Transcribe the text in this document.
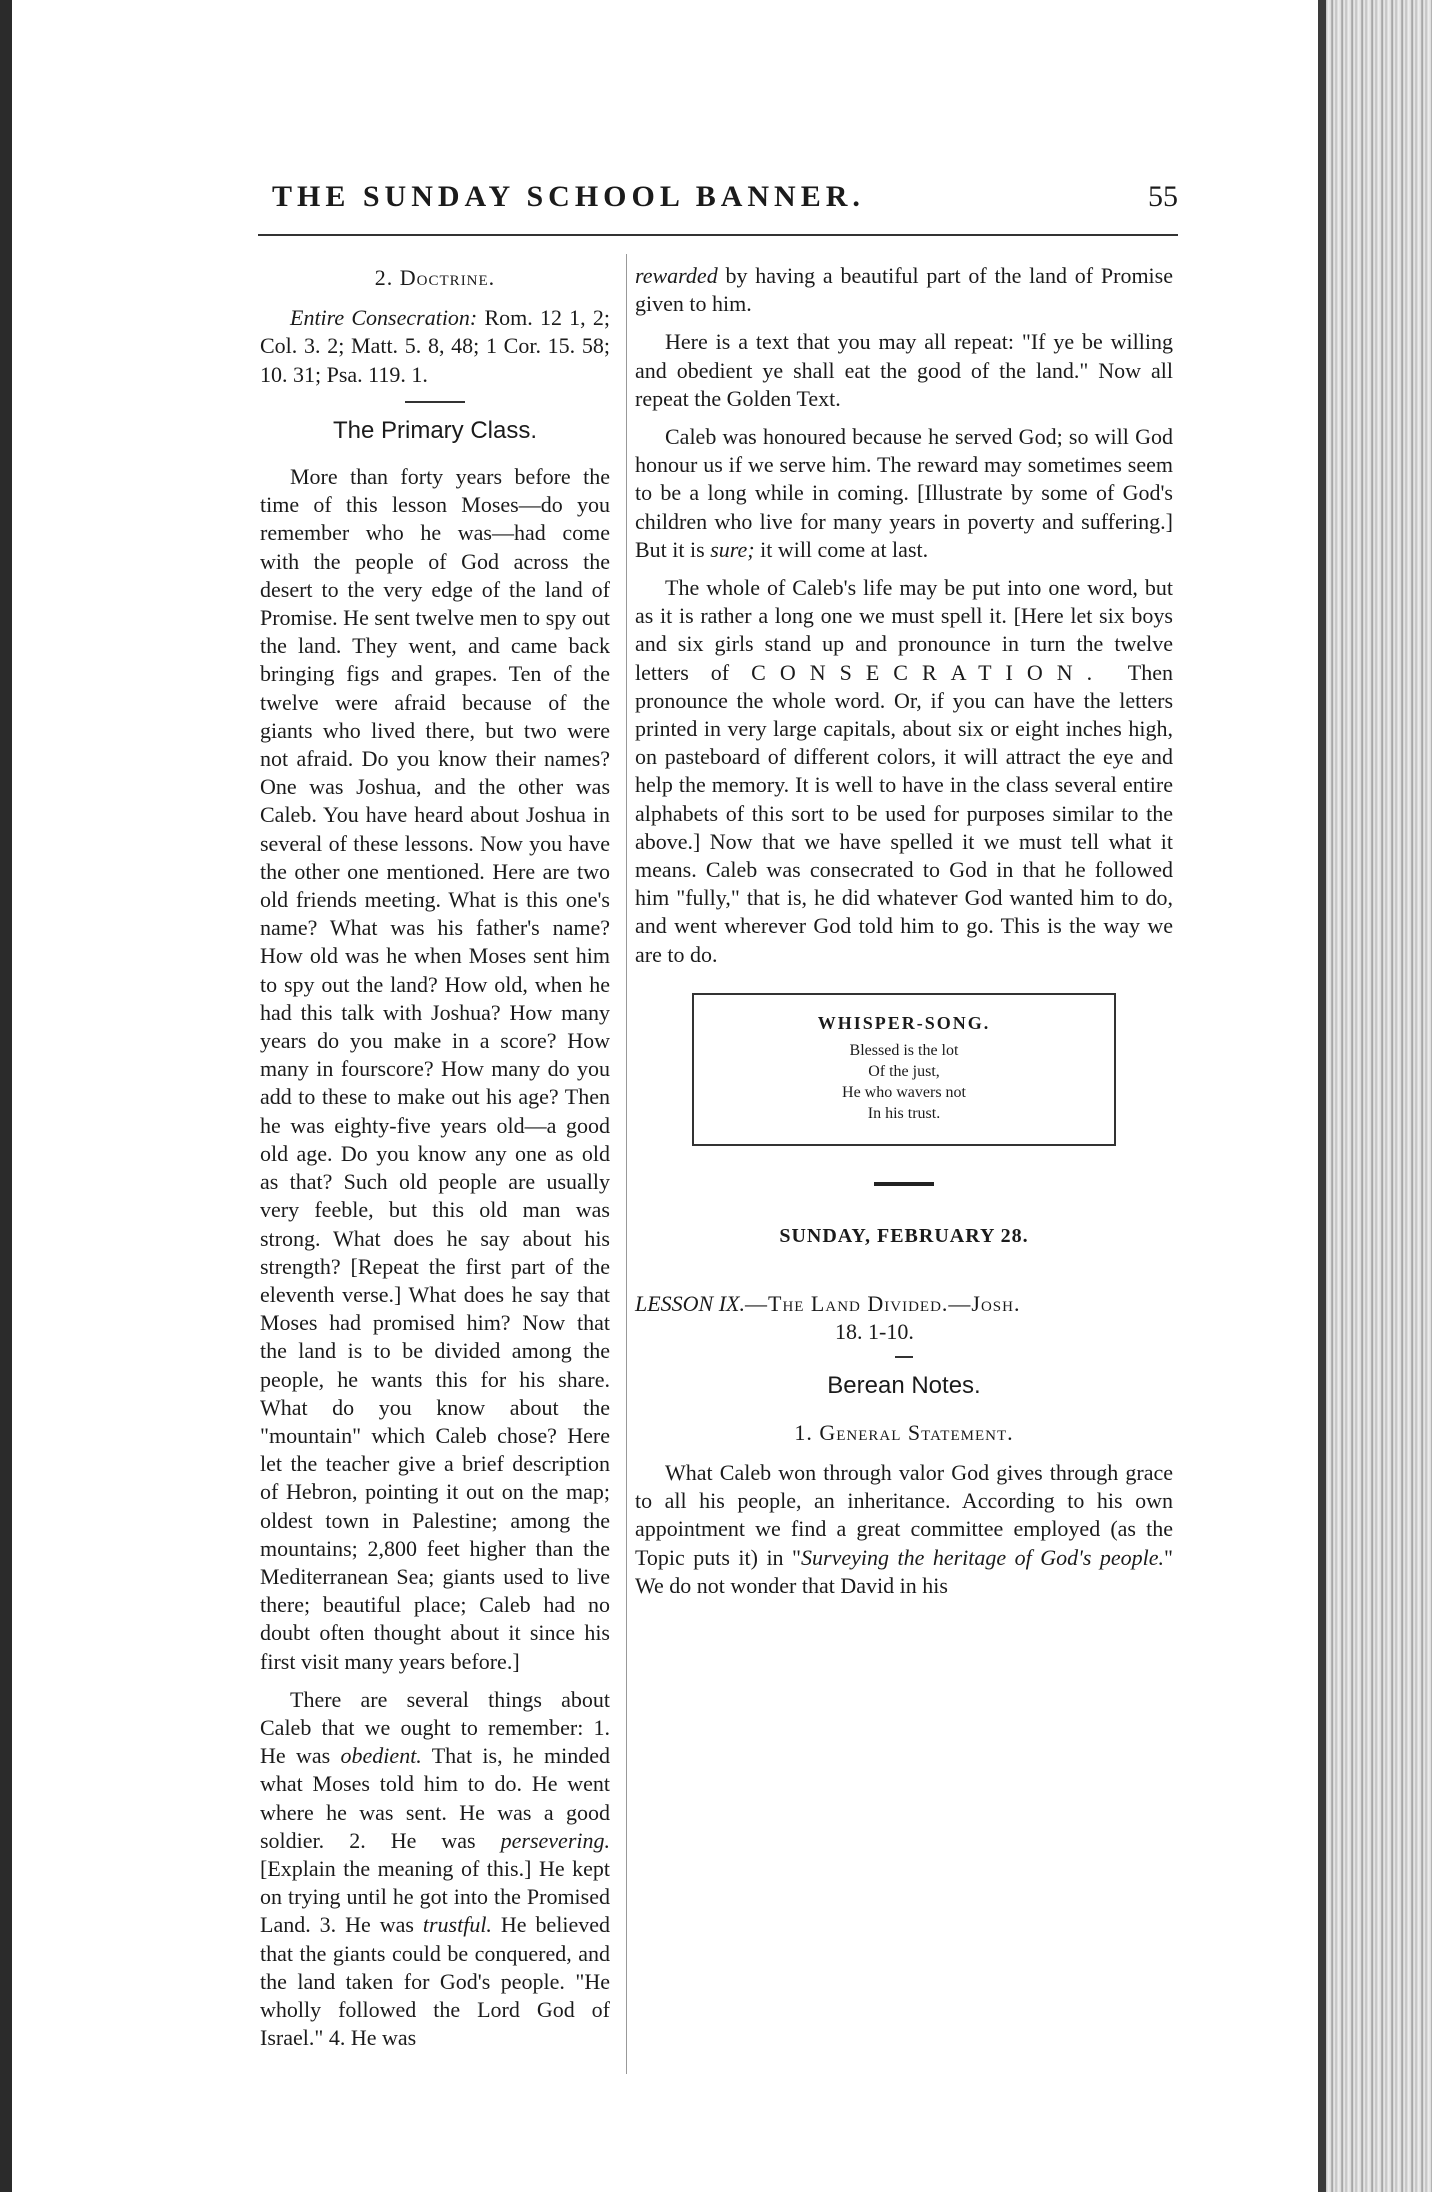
THE SUNDAY SCHOOL BANNER.	55
2. Doctrine.

Entire Consecration: Rom. 12 1, 2; Col. 3. 2; Matt. 5. 8, 48; 1 Cor. 15. 58; 10. 31; Psa. 119. 1.

The Primary Class.

More than forty years before the time of this lesson Moses—do you remember who he was—had come with the people of God across the desert to the very edge of the land of Promise. He sent twelve men to spy out the land. They went, and came back bringing figs and grapes. Ten of the twelve were afraid because of the giants who lived there, but two were not afraid. Do you know their names? One was Joshua, and the other was Caleb. You have heard about Joshua in several of these lessons. Now you have the other one mentioned. Here are two old friends meeting. What is this one's name? What was his father's name? How old was he when Moses sent him to spy out the land? How old, when he had this talk with Joshua? How many years do you make in a score? How many in fourscore? How many do you add to these to make out his age? Then he was eighty-five years old—a good old age. Do you know any one as old as that? Such old people are usually very feeble, but this old man was strong. What does he say about his strength? [Repeat the first part of the eleventh verse.] What does he say that Moses had promised him? Now that the land is to be divided among the people, he wants this for his share. What do you know about the "mountain" which Caleb chose? Here let the teacher give a brief description of Hebron, pointing it out on the map; oldest town in Palestine; among the mountains; 2,800 feet higher than the Mediterranean Sea; giants used to live there; beautiful place; Caleb had no doubt often thought about it since his first visit many years before.]

There are several things about Caleb that we ought to remember: 1. He was obedient. That is, he minded what Moses told him to do. He went where he was sent. He was a good soldier. 2. He was persevering. [Explain the meaning of this.] He kept on trying until he got into the Promised Land. 3. He was trustful. He believed that the giants could be conquered, and the land taken for God's people. "He wholly followed the Lord God of Israel." 4. He was

rewarded by having a beautiful part of the land of Promise given to him.

Here is a text that you may all repeat: "If ye be willing and obedient ye shall eat the good of the land." Now all repeat the Golden Text.

Caleb was honoured because he served God; so will God honour us if we serve him. The reward may sometimes seem to be a long while in coming. [Illustrate by some of God's children who live for many years in poverty and suffering.] But it is sure; it will come at last.

The whole of Caleb's life may be put into one word, but as it is rather a long one we must spell it. [Here let six boys and six girls stand up and pronounce in turn the twelve letters of CONSECRATION. Then pronounce the whole word. Or, if you can have the letters printed in very large capitals, about six or eight inches high, on pasteboard of different colors, it will attract the eye and help the memory. It is well to have in the class several entire alphabets of this sort to be used for purposes similar to the above.] Now that we have spelled it we must tell what it means. Caleb was consecrated to God in that he followed him "fully," that is, he did whatever God wanted him to do, and went wherever God told him to go. This is the way we are to do.

WHISPER-SONG.
Blessed is the lot
Of the just,
He who wavers not
In his trust.
SUNDAY, FEBRUARY 28.

LESSON IX.—The Land Divided.—Josh.
18. 1-10.

Berean Notes.
1. General Statement.

What Caleb won through valor God gives through grace to all his people, an inheritance. According to his own appointment we find a great committee employed (as the Topic puts it) in "Surveying the heritage of God's people." We do not wonder that David in his
